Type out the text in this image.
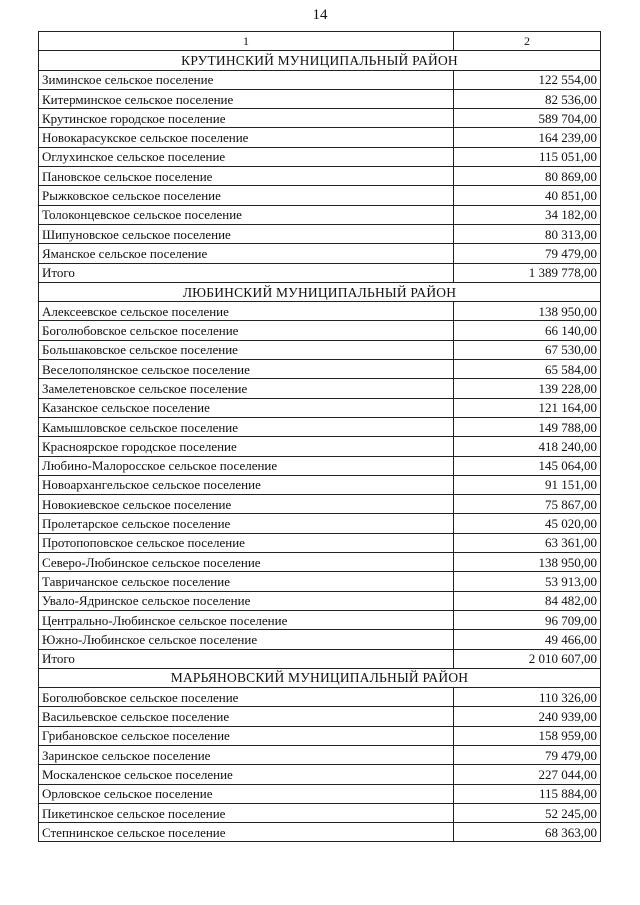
14
1	2
КРУТИНСКИЙ МУНИЦИПАЛЬНЫЙ РАЙОН	
Зиминское сельское поселение	122 554,00
Китерминское сельское поселение	82 536,00
Крутинское городское поселение	589 704,00
Новокарасукское сельское поселение	164 239,00
Оглухинское сельское поселение	115 051,00
Пановское сельское поселение	80 869,00
Рыжковское сельское поселение	40 851,00
Толоконцевское сельское поселение	34 182,00
Шипуновское сельское поселение	80 313,00
Яманское сельское поселение	79 479,00
Итого	1 389 778,00
ЛЮБИНСКИЙ МУНИЦИПАЛЬНЫЙ РАЙОН	
Алексеевское сельское поселение	138 950,00
Боголюбовское сельское поселение	66 140,00
Большаковское сельское поселение	67 530,00
Веселополянское сельское поселение	65 584,00
Замелетеновское сельское поселение	139 228,00
Казанское сельское поселение	121 164,00
Камышловское сельское поселение	149 788,00
Красноярское городское поселение	418 240,00
Любино-Малоросское сельское поселение	145 064,00
Новоархангельское сельское поселение	91 151,00
Новокиевское сельское поселение	75 867,00
Пролетарское сельское поселение	45 020,00
Протопоповское сельское поселение	63 361,00
Северо-Любинское сельское поселение	138 950,00
Тавричанское сельское поселение	53 913,00
Увало-Ядринское сельское поселение	84 482,00
Центрально-Любинское сельское поселение	96 709,00
Южно-Любинское сельское поселение	49 466,00
Итого	2 010 607,00
МАРЬЯНОВСКИЙ МУНИЦИПАЛЬНЫЙ РАЙОН	
Боголюбовское сельское поселение	110 326,00
Васильевское сельское поселение	240 939,00
Грибановское сельское поселение	158 959,00
Заринское сельское поселение	79 479,00
Москаленское сельское поселение	227 044,00
Орловское сельское поселение	115 884,00
Пикетинское сельское поселение	52 245,00
Степнинское сельское поселение	68 363,00
